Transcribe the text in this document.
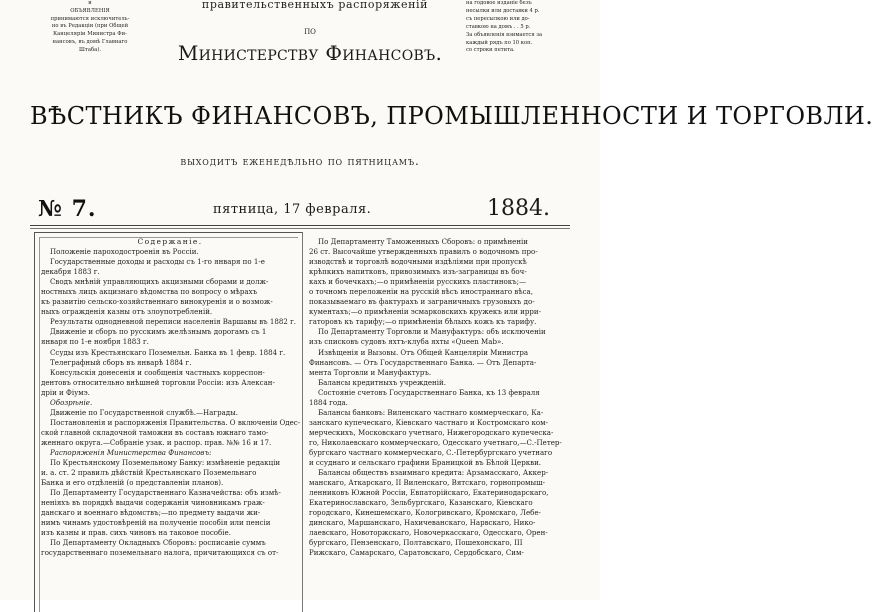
и
ОБЪЯВЛЕНІЯ
принимаются исключитель-
но въ Редакціи (при Общей
Канцеляріи Министра Фи-
нансовъ, въ домѣ Главнаго
Штаба).
на годовое изданіе безъ
несылки или доставки 4 р.
съ пересылкою или до-
ставкою на домъ . . 5 р.
За объявленія взимается за
каждый рядъ по 10 коп.
со строки петита.
правительственныхъ распоряженій
по
Министерству Финансовъ.
ВѢСТНИКЪ ФИНАНСОВЪ, ПРОМЫШЛЕННОСТИ И ТОРГОВЛИ.
выходитъ еженедѣльно по пятницамъ.
№ 7.	пятница, 17 февраля.	1884.
Содержаніе.
Положеніе пароходостроенія въ Россіи.
Государственные доходы и расходы съ 1-го января по 1-е
декабря 1883 г.
Сводъ мнѣній управляющихъ акцизными сборами и долж-
ностныхъ лицъ акцизнаго вѣдомства по вопросу о мѣрахъ
къ развитію сельско-хозяйственнаго винокуренія и о возмож-
ныхъ огражденія казны отъ злоупотребленій.
Результаты однодневной переписи населенія Варшавы въ 1882 г.
Движеніе и сборъ по русскимъ желѣзнымъ дорогамъ съ 1
января по 1-е ноября 1883 г.
Ссуды изъ Крестьянскаго Поземельн. Банка въ 1 февр. 1884 г.
Телеграфный сборъ въ январѣ 1884 г.
Консульскія донесенія и сообщенія частныхъ корреспон-
дентовъ относительно внѣшней торговли Россіи: изъ Алексан-
дріи и Фіумэ.
Обозрѣніе.
Движеніе по Государственной службѣ.—Награды.
Постановленія и распоряженія Правительства. О включеніи Одес-
ской главной складочной таможни въ составъ южнаго тамо-
женнаго округа.—Собраніе узак. и распор. прав. №№ 16 и 17.
Распоряженія Министерства Финансовъ:
По Крестьянскому Поземельному Банку: измѣненіе редакціи
и. а. ст. 2 правилъ дѣйствій Крестьянскаго Поземельнаго
Банка и его отдѣленій (о представленіи планов).
По Департаменту Государственнаго Казначейства: объ измѣ-
неніяхъ въ порядкѣ выдачи содержанія чиновникамъ граж-
данскаго и военнаго вѣдомствъ;—по предмету выдачи жи-
нимъ чинамъ удостовѣреній на полученіе пособія или пенсіи
изъ казны и прав. сихъ чиновъ на таковое пособіе.
По Департаменту Окладныхъ Сборовъ: росписаніе суммъ
государственнаго поземельнаго налога, причитающихся съ от-
По Департаменту Таможенныхъ Сборовъ: о примѣненіи
26 ст. Высочайше утвержденныхъ правилъ о водочномъ про-
изводствѣ и торговлѣ водочными издѣліями при пропускѣ
крѣпкихъ напитковъ, привозимыхъ изъ-заграницы въ боч-
кахъ и бочечкахъ;—о примѣненіи русскихъ пластинокъ;—
о точномъ переложеніи на русскій вѣсъ иностраннаго вѣса,
показываемаго въ фактурахъ и заграничныхъ грузовыхъ до-
кументахъ;—о примѣненіи эсмарковскихъ кружекъ или ирри-
гаторовъ къ тарифу;—о примѣненіи бѣлыхъ кожъ къ тарифу.
По Департаменту Торговли и Мануфактуръ: объ исключеніи
изъ списковъ судовъ яхтъ-клуба яхты «Queen Mab».
Извѣщенія и Вызовы. Отъ Общей Канцеляріи Министра
Финансовъ. — Отъ Государственнаго Банка. — Отъ Департа-
мента Торговли и Мануфактуръ.
Балансы кредитныхъ учрежденій.
Состояніе счетовъ Государственнаго Банка, къ 13 февраля
1884 года.
Балансы банковъ: Виленскаго частнаго коммерческаго, Ка-
занскаго купеческаго, Кіевскаго частнаго и Костромскаго ком-
мерческихъ, Московскаго учетнаго, Нижегородскаго купеческа-
го, Николаевскаго коммерческаго, Одесскаго учетнаго,—С.-Петер-
бургскаго частнаго коммерческаго, С.-Петербургскаго учетнаго
и ссуднаго и сельскаго графини Браницкой въ Бѣлой Церкви.
Балансы обществъ взаимнаго кредита: Арзамасскаго, Аккер-
манскаго, Аткарскаго, II Виленскаго, Вятскаго, горнопромыш-
ленниковъ Южной Россіи, Евпаторійскаго, Екатеринодарскаго,
Екатеринославскаго, Зельбургскаго, Казанскаго, Кіевскаго
городскаго, Кинешемскаго, Кологривскаго, Кромскаго, Лебе-
динскаго, Маршанскаго, Нахичеванскаго, Нарвскаго, Нико-
лаевскаго, Новоторжскаго, Новочеркасскаго, Одесскаго, Орен-
бургскаго, Пензенскаго, Полтавскаго, Пошехонскаго, III
Рижскаго, Самарскаго, Саратовскаго, Сердобскаго, Сим-
